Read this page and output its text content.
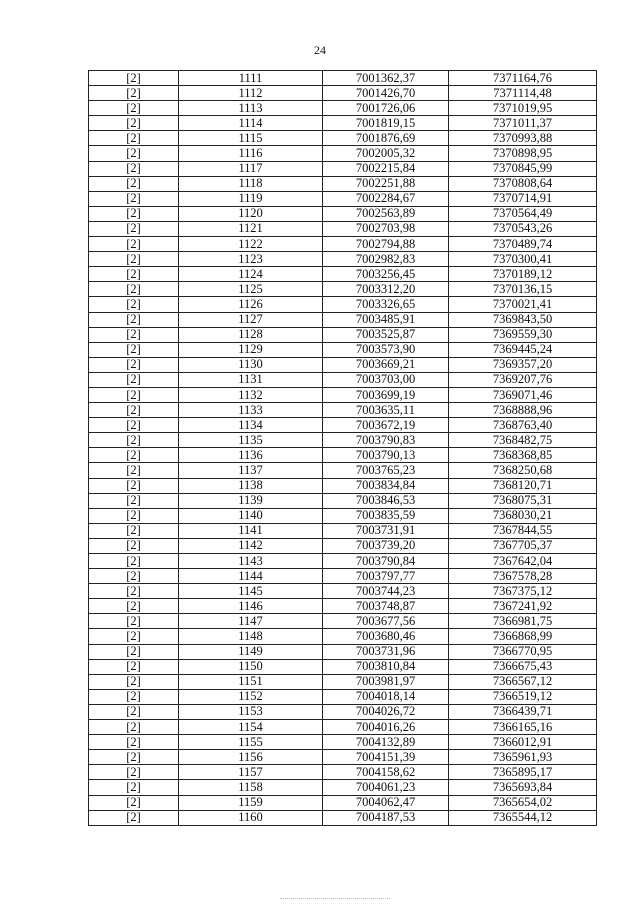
24
[2]	1111	7001362,37	7371164,76
[2]	1112	7001426,70	7371114,48
[2]	1113	7001726,06	7371019,95
[2]	1114	7001819,15	7371011,37
[2]	1115	7001876,69	7370993,88
[2]	1116	7002005,32	7370898,95
[2]	1117	7002215,84	7370845,99
[2]	1118	7002251,88	7370808,64
[2]	1119	7002284,67	7370714,91
[2]	1120	7002563,89	7370564,49
[2]	1121	7002703,98	7370543,26
[2]	1122	7002794,88	7370489,74
[2]	1123	7002982,83	7370300,41
[2]	1124	7003256,45	7370189,12
[2]	1125	7003312,20	7370136,15
[2]	1126	7003326,65	7370021,41
[2]	1127	7003485,91	7369843,50
[2]	1128	7003525,87	7369559,30
[2]	1129	7003573,90	7369445,24
[2]	1130	7003669,21	7369357,20
[2]	1131	7003703,00	7369207,76
[2]	1132	7003699,19	7369071,46
[2]	1133	7003635,11	7368888,96
[2]	1134	7003672,19	7368763,40
[2]	1135	7003790,83	7368482,75
[2]	1136	7003790,13	7368368,85
[2]	1137	7003765,23	7368250,68
[2]	1138	7003834,84	7368120,71
[2]	1139	7003846,53	7368075,31
[2]	1140	7003835,59	7368030,21
[2]	1141	7003731,91	7367844,55
[2]	1142	7003739,20	7367705,37
[2]	1143	7003790,84	7367642,04
[2]	1144	7003797,77	7367578,28
[2]	1145	7003744,23	7367375,12
[2]	1146	7003748,87	7367241,92
[2]	1147	7003677,56	7366981,75
[2]	1148	7003680,46	7366868,99
[2]	1149	7003731,96	7366770,95
[2]	1150	7003810,84	7366675,43
[2]	1151	7003981,97	7366567,12
[2]	1152	7004018,14	7366519,12
[2]	1153	7004026,72	7366439,71
[2]	1154	7004016,26	7366165,16
[2]	1155	7004132,89	7366012,91
[2]	1156	7004151,39	7365961,93
[2]	1157	7004158,62	7365895,17
[2]	1158	7004061,23	7365693,84
[2]	1159	7004062,47	7365654,02
[2]	1160	7004187,53	7365544,12
